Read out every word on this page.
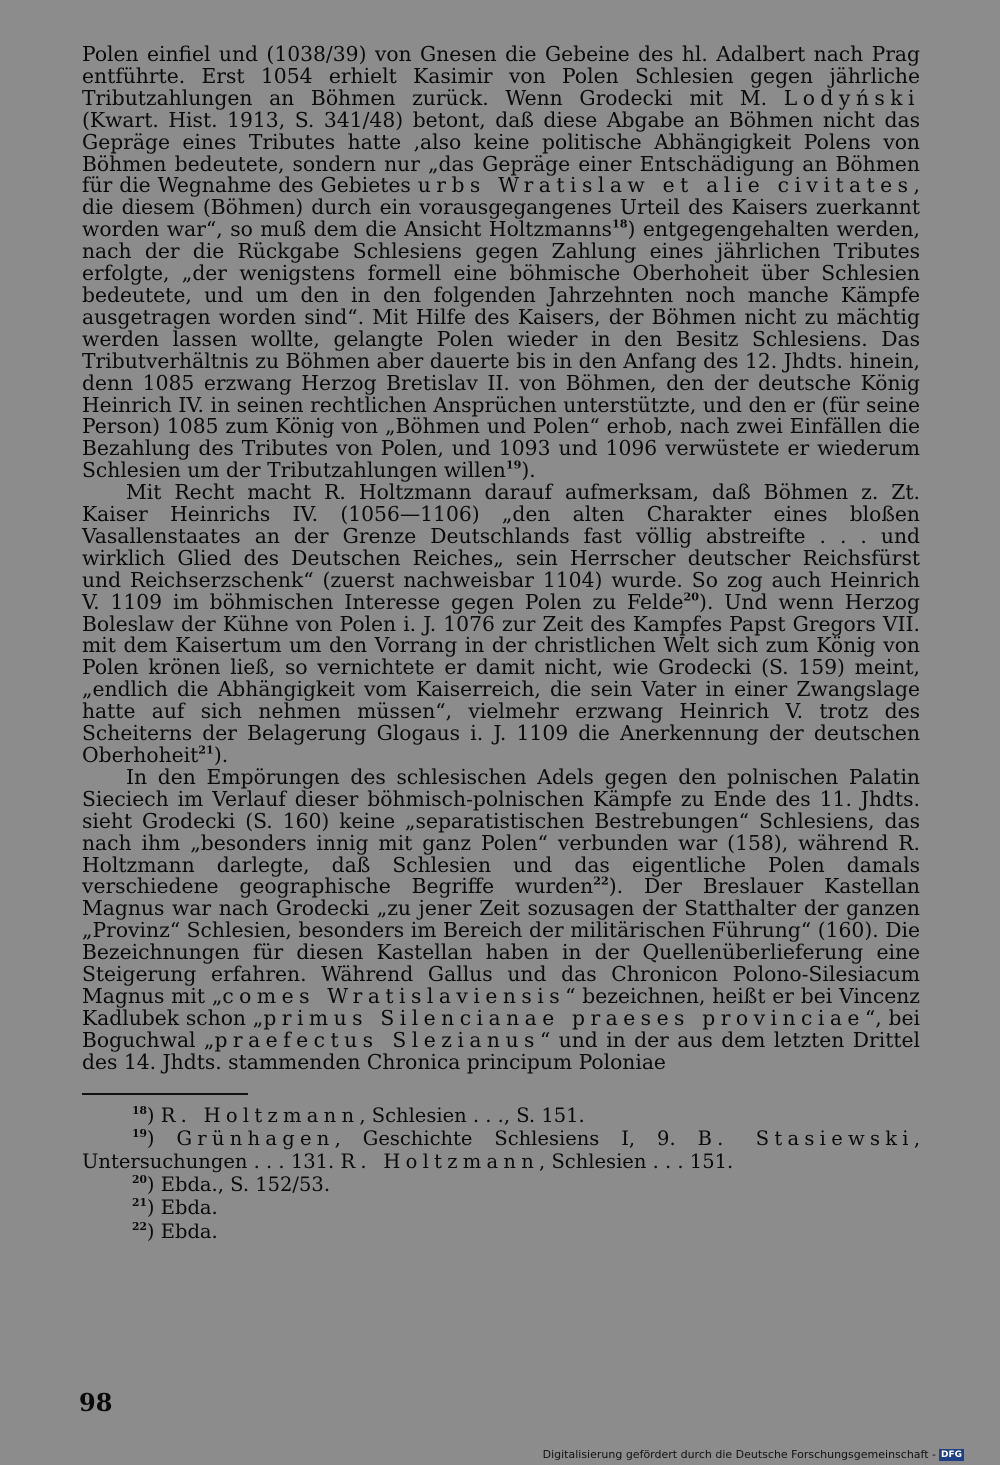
Polen einfiel und (1038/39) von Gnesen die Gebeine des hl. Adalbert nach Prag entführte. Erst 1054 erhielt Kasimir von Polen Schlesien gegen jährliche Tributzahlungen an Böhmen zurück. Wenn Grodecki mit M. Lodyński (Kwart. Hist. 1913, S. 341/48) betont, daß diese Abgabe an Böhmen nicht das Gepräge eines Tributes hatte ,also keine politische Abhängigkeit Polens von Böhmen bedeutete, sondern nur „das Gepräge einer Entschädigung an Böhmen für die Wegnahme des Gebietes urbs Wratislaw et alie civitates, die diesem (Böhmen) durch ein vorausgegangenes Urteil des Kaisers zuerkannt worden war“, so muß dem die Ansicht Holtzmanns$^{18}$) entgegengehalten werden, nach der die Rückgabe Schlesiens gegen Zahlung eines jährlichen Tributes erfolgte, „der wenigstens formell eine böhmische Oberhoheit über Schlesien bedeutete, und um den in den folgenden Jahrzehnten noch manche Kämpfe ausgetragen worden sind“. Mit Hilfe des Kaisers, der Böhmen nicht zu mächtig werden lassen wollte, gelangte Polen wieder in den Besitz Schlesiens. Das Tributverhältnis zu Böhmen aber dauerte bis in den Anfang des 12. Jhdts. hinein, denn 1085 erzwang Herzog Bretislav II. von Böhmen, den der deutsche König Heinrich IV. in seinen rechtlichen Ansprüchen unterstützte, und den er (für seine Person) 1085 zum König von „Böhmen und Polen“ erhob, nach zwei Einfällen die Bezahlung des Tributes von Polen, und 1093 und 1096 verwüstete er wiederum Schlesien um der Tributzahlungen willen$^{19}$).

Mit Recht macht R. Holtzmann darauf aufmerksam, daß Böhmen z. Zt. Kaiser Heinrichs IV. (1056—1106) „den alten Charakter eines bloßen Vasallenstaates an der Grenze Deutschlands fast völlig abstreifte . . . und wirklich Glied des Deutschen Reiches„ sein Herrscher deutscher Reichsfürst und Reichserzschenk“ (zuerst nachweisbar 1104) wurde. So zog auch Heinrich V. 1109 im böhmischen Interesse gegen Polen zu Felde$^{20}$). Und wenn Herzog Boleslaw der Kühne von Polen i. J. 1076 zur Zeit des Kampfes Papst Gregors VII. mit dem Kaisertum um den Vorrang in der christlichen Welt sich zum König von Polen krönen ließ, so vernichtete er damit nicht, wie Grodecki (S. 159) meint, „endlich die Abhängigkeit vom Kaiserreich, die sein Vater in einer Zwangslage hatte auf sich nehmen müssen“, vielmehr erzwang Heinrich V. trotz des Scheiterns der Belagerung Glogaus i. J. 1109 die Anerkennung der deutschen Oberhoheit$^{21}$).

In den Empörungen des schlesischen Adels gegen den polnischen Palatin Sieciech im Verlauf dieser böhmisch-polnischen Kämpfe zu Ende des 11. Jhdts. sieht Grodecki (S. 160) keine „separatistischen Bestrebungen“ Schlesiens, das nach ihm „besonders innig mit ganz Polen“ verbunden war (158), während R. Holtzmann darlegte, daß Schlesien und das eigentliche Polen damals verschiedene geographische Begriffe wurden$^{22}$). Der Breslauer Kastellan Magnus war nach Grodecki „zu jener Zeit sozusagen der Statthalter der ganzen „Provinz“ Schlesien, besonders im Bereich der militärischen Führung“ (160). Die Bezeichnungen für diesen Kastellan haben in der Quellenüberlieferung eine Steigerung erfahren. Während Gallus und das Chronicon Polono-Silesiacum Magnus mit „comes Wratislaviensis“ bezeichnen, heißt er bei Vincenz Kadlubek schon „primus Silencianae praeses provinciae“, bei Boguchwal „praefectus Slezianus“ und in der aus dem letzten Drittel des 14. Jhdts. stammenden Chronica principum Poloniae

$^{18}$) R. Holtzmann, Schlesien . . ., S. 151.

$^{19}$) Grünhagen, Geschichte Schlesiens I, 9. B. Stasiewski, Untersuchungen . . . 131. R. Holtzmann, Schlesien . . . 151.

$^{20}$) Ebda., S. 152/53.

$^{21}$) Ebda.

$^{22}$) Ebda.

98
Digitalisierung gefördert durch die Deutsche Forschungsgemeinschaft - DFG
